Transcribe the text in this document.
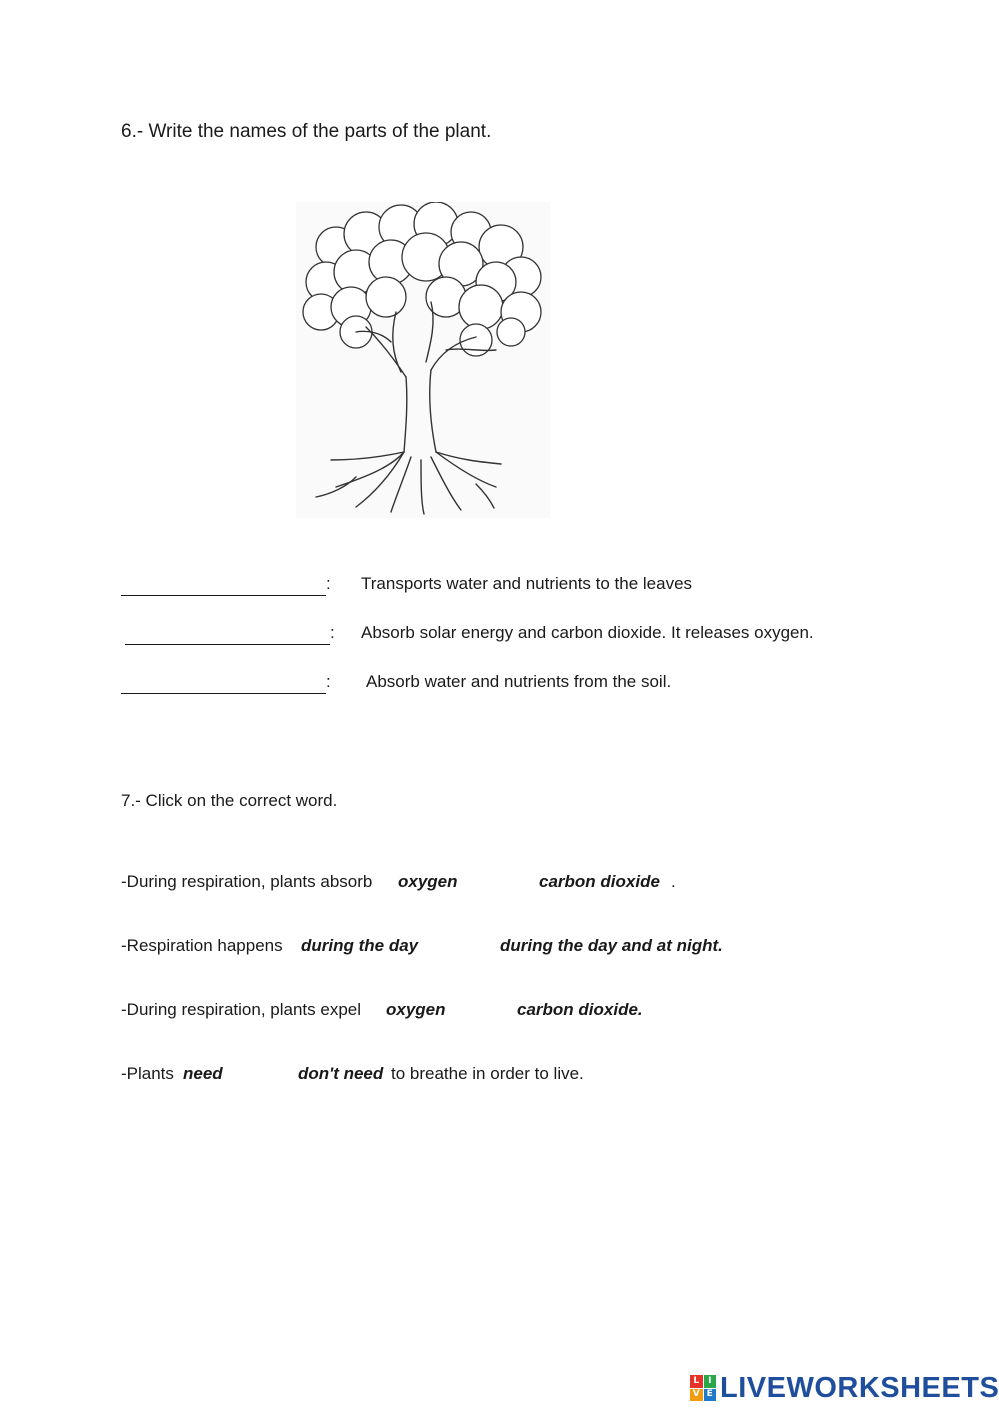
6.- Write the names of the parts of the plant.
: Transports water and nutrients to the leaves
: Absorb solar energy and carbon dioxide. It releases oxygen.
: Absorb water and nutrients from the soil.
7.- Click on the correct word.
-During respiration, plants absorb oxygen	carbon dioxide .
-Respiration happens during the day	during the day and at night.
-During respiration, plants expel oxygen	carbon dioxide.
-Plants need	don't need to breathe in order to live.
L I
V E LIVEWORKSHEETS
